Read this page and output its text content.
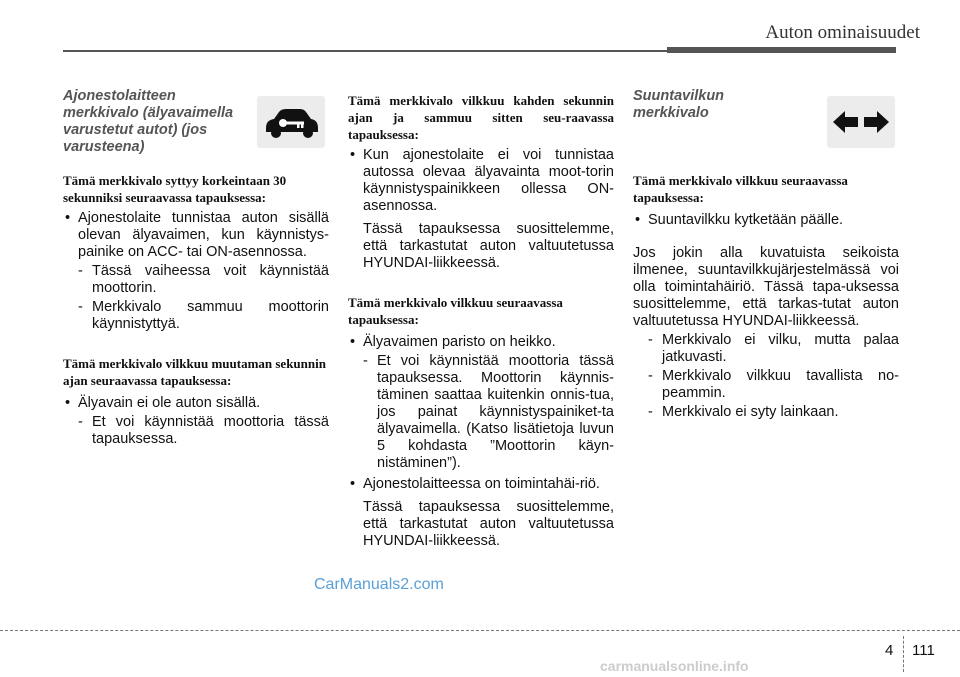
Auton ominaisuudet
Ajonestolaitteen merkkivalo (älyavaimella varustetut autot) (jos varusteena)

Tämä merkkivalo syttyy korkeintaan 30 sekunniksi seuraavassa tapauksessa:

• Ajonestolaite tunnistaa auton sisällä olevan älyavaimen, kun käynnistys-painike on ACC- tai ON-asennossa.

- Tässä vaiheessa voit käynnistää moottorin.

- Merkkivalo sammuu moottorin käynnistyttyä.

Tämä merkkivalo vilkkuu muutaman sekunnin ajan seuraavassa tapauksessa:

• Älyavain ei ole auton sisällä.

- Et voi käynnistää moottoria tässä tapauksessa.

Tämä merkkivalo vilkkuu kahden sekunnin ajan ja sammuu sitten seu-raavassa tapauksessa:

• Kun ajonestolaite ei voi tunnistaa autossa olevaa älyavainta moot-torin käynnistyspainikkeen ollessa ON-asennossa.

Tässä tapauksessa suosittelemme, että tarkastutat auton valtuutetussa HYUNDAI-liikkeessä.

Tämä merkkivalo vilkkuu seuraavassa tapauksessa:

• Älyavaimen paristo on heikko.

- Et voi käynnistää moottoria tässä tapauksessa. Moottorin käynnis-täminen saattaa kuitenkin onnis-tua, jos painat käynnistyspainiket-ta älyavaimella. (Katso lisätietoja luvun 5 kohdasta ”Moottorin käyn-nistäminen”).

• Ajonestolaitteessa on toimintahäi-riö.

Tässä tapauksessa suosittelemme, että tarkastutat auton valtuutetussa HYUNDAI-liikkeessä.

Suuntavilkun merkkivalo

Tämä merkkivalo vilkkuu seuraavassa tapauksessa:

• Suuntavilkku kytketään päälle.

Jos jokin alla kuvatuista seikoista ilmenee, suuntavilkkujärjestelmässä voi olla toimintahäiriö. Tässä tapa-uksessa suosittelemme, että tarkas-tutat auton valtuutetussa HYUNDAI-liikkeessä.

- Merkkivalo ei vilku, mutta palaa jatkuvasti.

- Merkkivalo vilkkuu tavallista no-peammin.

- Merkkivalo ei syty lainkaan.

CarManuals2.com
4 111
carmanualsonline.info
